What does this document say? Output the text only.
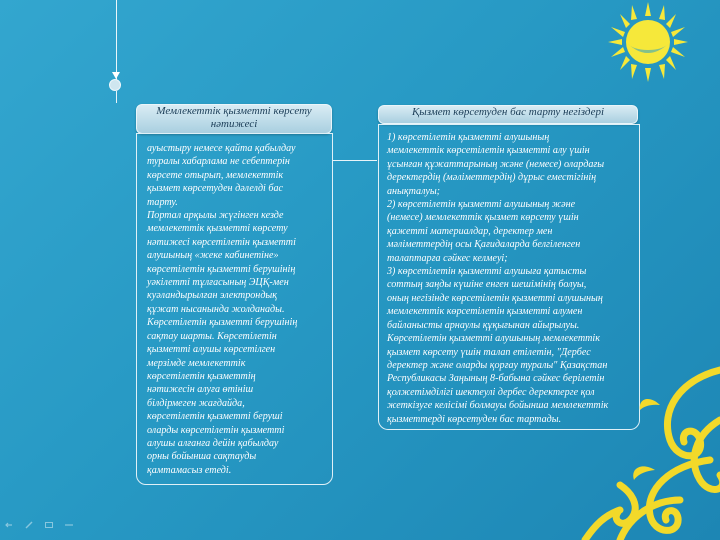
Мемлекеттік қызметті көрсету нәтижесі

ауыстыру немесе қайта қабылдау
туралы хабарлама не себептерін
көрсете отырып, мемлекеттік
қызмет көрсетуден дәлелді бас
тарту.
Портал арқылы жүгінген кезде
мемлекеттік қызметті көрсету
нәтижесі көрсетілетін қызметті
алушының «жеке кабинетіне»
көрсетілетін қызметті берушінің
уәкілетті тұлғасының ЭЦҚ-мен
куәландырылған электрондық
құжат нысанында жолданады.
Көрсетілетін қызметті берушінің
сақтау шарты. Көрсетілетін
қызметті алушы көрсетілген
мерзімде мемлекеттік
көрсетілетін қызметтің
нәтижесін алуға өтініш
білдірмеген жағдайда,
көрсетілетін қызметті беруші
оларды көрсетілетін қызметті
алушы алғанға дейін қабылдау
орны бойынша сақтауды
қамтамасыз етеді.

Қызмет көрсетуден бас тарту негіздері

1) көрсетілетін қызметті алушының
мемлекеттік көрсетілетін қызметті алу үшін
ұсынған құжаттарының және (немесе) олардағы
деректердің (мәліметтердің) дұрыс еместігінің
анықталуы;
2) көрсетілетін қызметті алушының және
(немесе) мемлекеттік қызмет көрсету үшін
қажетті материалдар, деректер мен
мәліметтердің осы Қағидаларда белгіленген
талаптарға сәйкес келмеуі;
3) көрсетілетін қызметті алушыға қатысты
соттың заңды күшіне енген шешімінің болуы,
оның негізінде көрсетілетін қызметті алушының
мемлекеттік көрсетілетін қызметті алумен
байланысты арнаулы құқығынан айырылуы.
Көрсетілетін қызметті алушының мемлекеттік
қызмет көрсету үшін талап етілетін, "Дербес
деректер және оларды қорғау туралы" Қазақстан
Республикасы Заңының 8-бабына сәйкес берілетін
қолжетімділігі шектеулі дербес деректерге қол
жеткізуге келісімі болмауы бойынша мемлекеттік
қызметтерді көрсетуден бас тартады.
